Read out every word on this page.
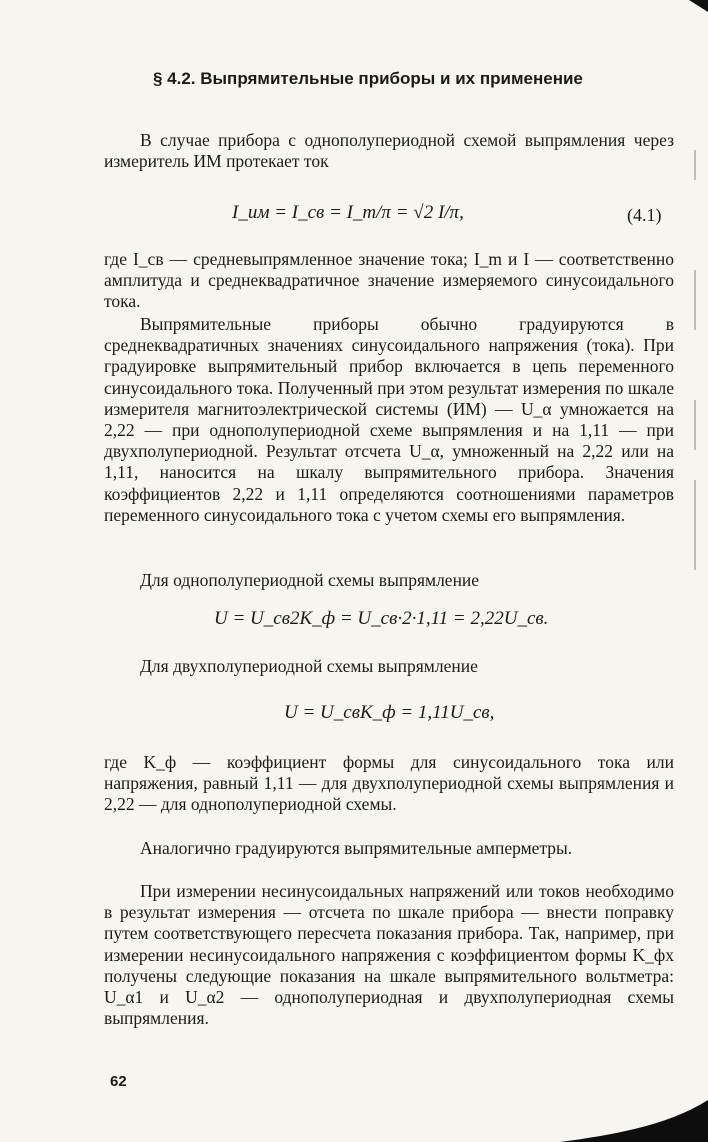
§ 4.2. Выпрямительные приборы и их применение
В случае прибора с однополупериодной схемой выпрямления через измеритель ИМ протекает ток
I_им = I_св = I_m/π = √2 I/π,	(4.1)
где I_св — средневыпрямленное значение тока; I_m и I — соответственно амплитуда и среднеквадратичное значение измеряемого синусоидального тока.
Выпрямительные приборы обычно градуируются в среднеквадратичных значениях синусоидального напряжения (тока). При градуировке выпрямительный прибор включается в цепь переменного синусоидального тока. Полученный при этом результат измерения по шкале измерителя магнитоэлектрической системы (ИМ) — U_α умножается на 2,22 — при однополупериодной схеме выпрямления и на 1,11 — при двухполупериодной. Результат отсчета U_α, умноженный на 2,22 или на 1,11, наносится на шкалу выпрямительного прибора. Значения коэффициентов 2,22 и 1,11 определяются соотношениями параметров переменного синусоидального тока с учетом схемы его выпрямления.
Для однополупериодной схемы выпрямление
U = U_св2K_ф = U_св·2·1,11 = 2,22U_св.
Для двухполупериодной схемы выпрямление
U = U_свK_ф = 1,11U_св,
где K_ф — коэффициент формы для синусоидального тока или напряжения, равный 1,11 — для двухполупериодной схемы выпрямления и 2,22 — для однополупериодной схемы.
Аналогично градуируются выпрямительные амперметры.
При измерении несинусоидальных напряжений или токов необходимо в результат измерения — отсчета по шкале прибора — внести поправку путем соответствующего пересчета показания прибора. Так, например, при измерении несинусоидального напряжения с коэффициентом формы K_фx получены следующие показания на шкале выпрямительного вольтметра: U_α1 и U_α2 — однополупериодная и двухполупериодная схемы выпрямления.
62
